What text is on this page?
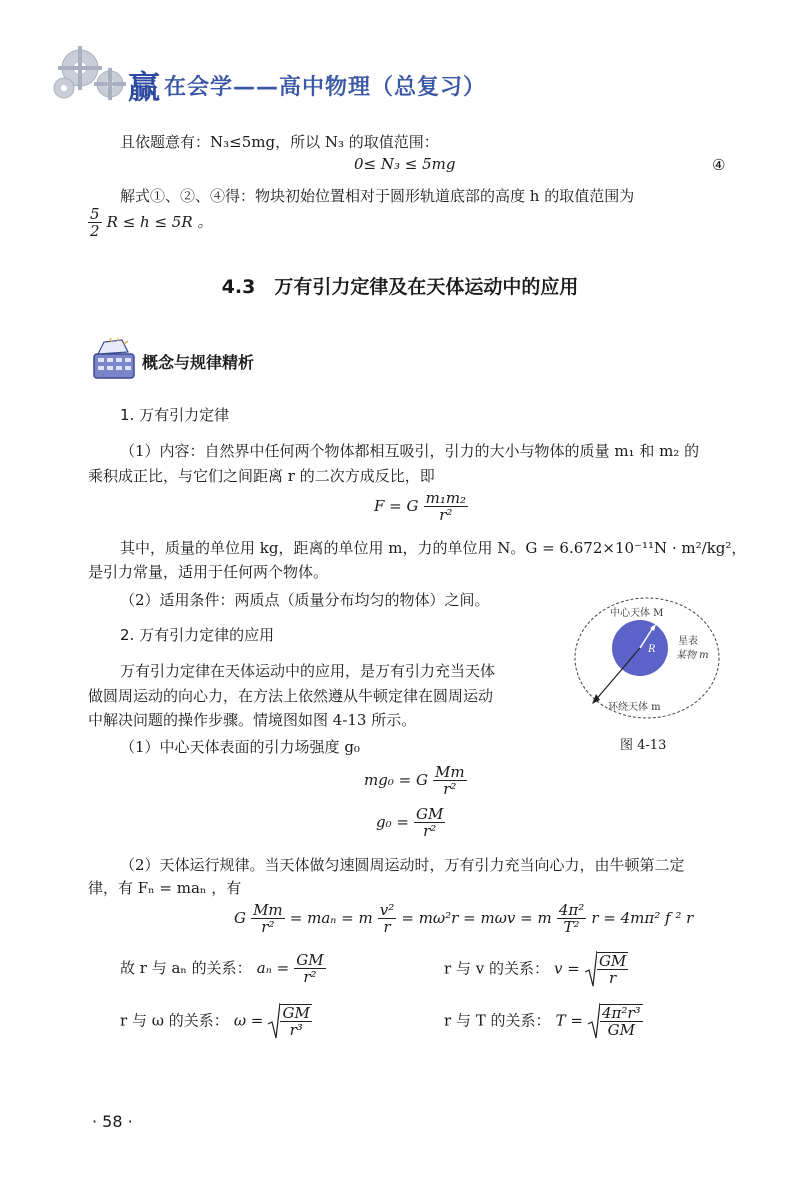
赢 在会学——高中物理（总复习）
且依题意有：N₃≤5mg，所以 N₃ 的取值范围：
0≤ N₃ ≤ 5mg	④
解式①、②、④得：物块初始位置相对于圆形轨道底部的高度 h 的取值范围为
$\frac{5}{2}$ R ≤ h ≤ 5R 。
4.3　万有引力定律及在天体运动中的应用
概念与规律精析
1. 万有引力定律
（1）内容：自然界中任何两个物体都相互吸引，引力的大小与物体的质量 m₁ 和 m₂ 的
乘积成正比，与它们之间距离 r 的二次方成反比，即
F = G $\frac{\text{m₁m₂}}{\text{r²}}$
其中，质量的单位用 kg，距离的单位用 m，力的单位用 N。G = 6.672×10⁻¹¹N · m²/kg²，
是引力常量，适用于任何两个物体。
（2）适用条件：两质点（质量分布均匀的物体）之间。
2. 万有引力定律的应用
万有引力定律在天体运动中的应用，是万有引力充当天体
做圆周运动的向心力，在方法上依然遵从牛顿定律在圆周运动
中解决问题的操作步骤。情境图如图 4-13 所示。
（1）中心天体表面的引力场强度 g₀
mg₀ = G $\frac{Mm}{\text{r²}}$
$g_0 = \frac{GM}{\text{r²}}$
（2）天体运行规律。当天体做匀速圆周运动时，万有引力充当向心力，由牛顿第二定
律，有 Fₙ = maₙ ，有
G $\frac{Mm}{\text{r²}} = ma_n = m \frac{\text{v²}}{r} = m\omega^2r = m\omega v = m \frac{\text{4π²}}{\text{T²}}$ r = 4mπ² f ² r
故 r 与 aₙ 的关系： $a_n = \frac{GM}{\text{r²}}$	r 与 v 的关系： $v = \frac{GM}{r}$
r 与 ω 的关系： $\omega = \frac{GM}{\text{r³}}$	r 与 T 的关系： $T = \frac{\text{4π²r³}}{GM}$
中心天体 M
星表
某物 m
R
环绕天体 m
图 4-13
· 58 ·
